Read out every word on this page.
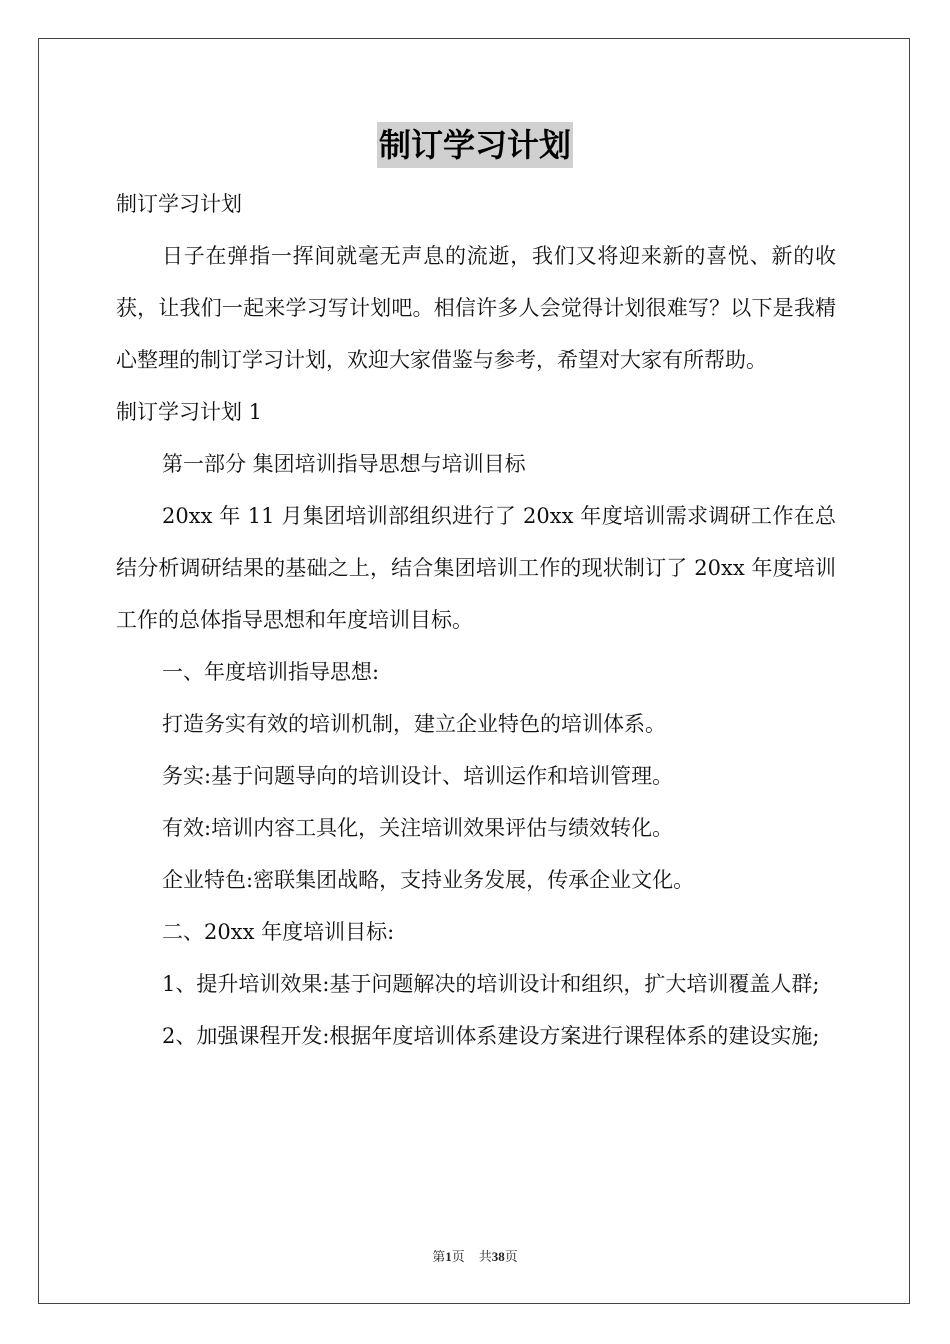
制订学习计划

制订学习计划

日子在弹指一挥间就毫无声息的流逝，我们又将迎来新的喜悦、新的收获，让我们一起来学习写计划吧。相信许多人会觉得计划很难写？以下是我精心整理的制订学习计划，欢迎大家借鉴与参考，希望对大家有所帮助。

制订学习计划 1

第一部分 集团培训指导思想与培训目标

20xx 年 11 月集团培训部组织进行了 20xx 年度培训需求调研工作在总结分析调研结果的基础之上，结合集团培训工作的现状制订了 20xx 年度培训工作的总体指导思想和年度培训目标。

一、年度培训指导思想:

打造务实有效的培训机制，建立企业特色的培训体系。

务实:基于问题导向的培训设计、培训运作和培训管理。

有效:培训内容工具化，关注培训效果评估与绩效转化。

企业特色:密联集团战略，支持业务发展，传承企业文化。

二、20xx 年度培训目标:

1、提升培训效果:基于问题解决的培训设计和组织，扩大培训覆盖人群;

2、加强课程开发:根据年度培训体系建设方案进行课程体系的建设实施;

第1页 共38页
